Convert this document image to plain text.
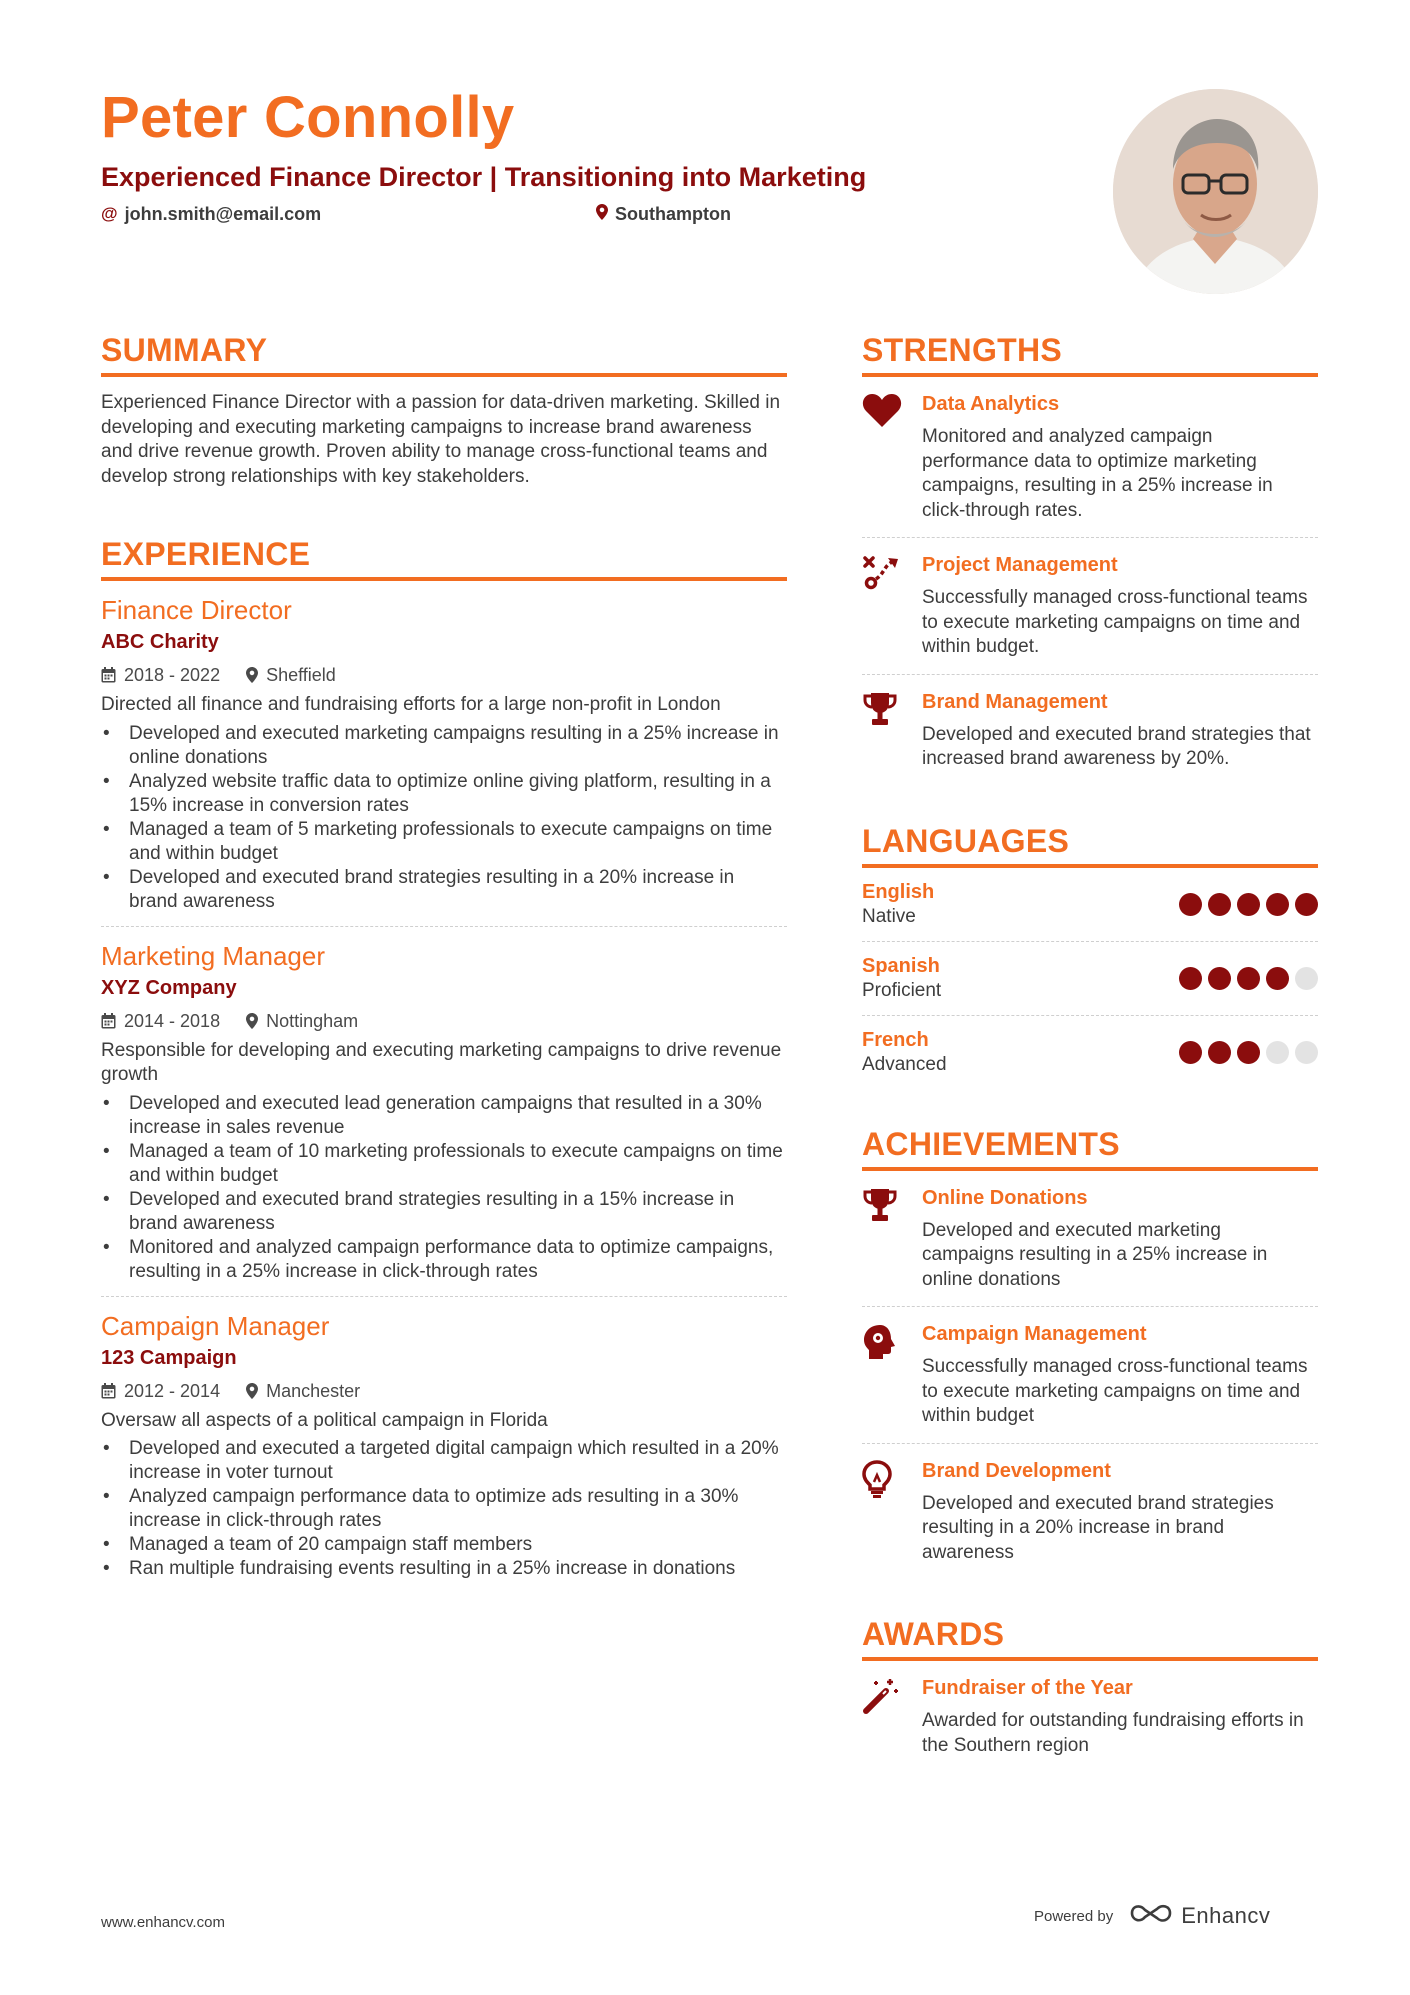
Peter Connolly
Experienced Finance Director | Transitioning into Marketing
@ john.smith@email.com	Southampton
SUMMARY

Experienced Finance Director with a passion for data-driven marketing. Skilled in developing and executing marketing campaigns to increase brand awareness and drive revenue growth. Proven ability to manage cross-functional teams and develop strong relationships with key stakeholders.

EXPERIENCE
Finance Director
ABC Charity
2018 - 2022	Sheffield

Directed all finance and fundraising efforts for a large non-profit in London

• Developed and executed marketing campaigns resulting in a 25% increase in online donations
• Analyzed website traffic data to optimize online giving platform, resulting in a 15% increase in conversion rates
• Managed a team of 5 marketing professionals to execute campaigns on time and within budget
• Developed and executed brand strategies resulting in a 20% increase in brand awareness
Marketing Manager
XYZ Company
2014 - 2018	Nottingham

Responsible for developing and executing marketing campaigns to drive revenue growth

• Developed and executed lead generation campaigns that resulted in a 30% increase in sales revenue
• Managed a team of 10 marketing professionals to execute campaigns on time and within budget
• Developed and executed brand strategies resulting in a 15% increase in brand awareness
• Monitored and analyzed campaign performance data to optimize campaigns, resulting in a 25% increase in click-through rates
Campaign Manager
123 Campaign
2012 - 2014	Manchester

Oversaw all aspects of a political campaign in Florida

• Developed and executed a targeted digital campaign which resulted in a 20% increase in voter turnout
• Analyzed campaign performance data to optimize ads resulting in a 30% increase in click-through rates
• Managed a team of 20 campaign staff members
• Ran multiple fundraising events resulting in a 25% increase in donations
STRENGTHS
Data Analytics
Monitored and analyzed campaign performance data to optimize marketing campaigns, resulting in a 25% increase in click-through rates.
Project Management
Successfully managed cross-functional teams to execute marketing campaigns on time and within budget.
Brand Management
Developed and executed brand strategies that increased brand awareness by 20%.
LANGUAGES
English
Native
Spanish
Proficient
French
Advanced
ACHIEVEMENTS
Online Donations
Developed and executed marketing campaigns resulting in a 25% increase in online donations
Campaign Management
Successfully managed cross-functional teams to execute marketing campaigns on time and within budget
Brand Development
Developed and executed brand strategies resulting in a 20% increase in brand awareness
AWARDS
Fundraiser of the Year
Awarded for outstanding fundraising efforts in the Southern region
www.enhancv.com	Powered by	Enhancv
